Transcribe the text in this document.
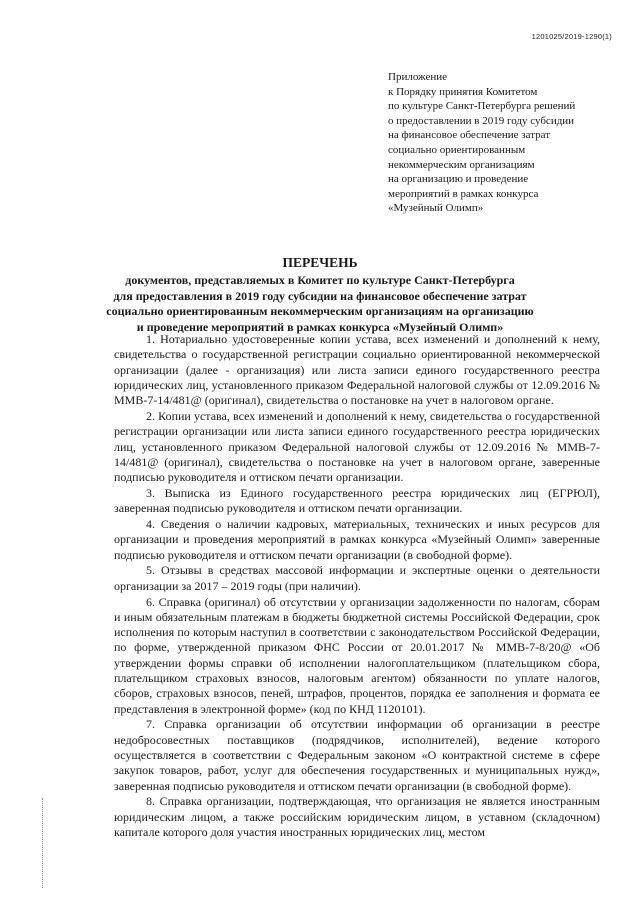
1201025/2019-1290(1)
Приложение
к Порядку принятия Комитетом
по культуре Санкт-Петербурга решений
о предоставлении в 2019 году субсидии
на финансовое обеспечение затрат
социально ориентированным
некоммерческим организациям
на организацию и проведение
мероприятий в рамках конкурса
«Музейный Олимп»
ПЕРЕЧЕНЬ
документов, представляемых в Комитет по культуре Санкт-Петербурга
для предоставления в 2019 году субсидии на финансовое обеспечение затрат
социально ориентированным некоммерческим организациям на организацию
и проведение мероприятий в рамках конкурса «Музейный Олимп»

1. Нотариально удостоверенные копии устава, всех изменений и дополнений к нему, свидетельства о государственной регистрации социально ориентированной некоммерческой организации (далее - организация) или листа записи единого государственного реестра юридических лиц, установленного приказом Федеральной налоговой службы от 12.09.2016 № ММВ-7-14/481@ (оригинал), свидетельства о постановке на учет в налоговом органе.

2. Копии устава, всех изменений и дополнений к нему, свидетельства о государственной регистрации организации или листа записи единого государственного реестра юридических лиц, установленного приказом Федеральной налоговой службы от 12.09.2016 № ММВ-7-14/481@ (оригинал), свидетельства о постановке на учет в налоговом органе, заверенные подписью руководителя и оттиском печати организации.

3. Выписка из Единого государственного реестра юридических лиц (ЕГРЮЛ), заверенная подписью руководителя и оттиском печати организации.

4. Сведения о наличии кадровых, материальных, технических и иных ресурсов для организации и проведения мероприятий в рамках конкурса «Музейный Олимп» заверенные подписью руководителя и оттиском печати организации (в свободной форме).

5. Отзывы в средствах массовой информации и экспертные оценки о деятельности организации за 2017 – 2019 годы (при наличии).

6. Справка (оригинал) об отсутствии у организации задолженности по налогам, сборам и иным обязательным платежам в бюджеты бюджетной системы Российской Федерации, срок исполнения по которым наступил в соответствии с законодательством Российской Федерации, по форме, утвержденной приказом ФНС России от 20.01.2017 № ММВ-7-8/20@ «Об утверждении формы справки об исполнении налогоплательщиком (плательщиком сбора, плательщиком страховых взносов, налоговым агентом) обязанности по уплате налогов, сборов, страховых взносов, пеней, штрафов, процентов, порядка ее заполнения и формата ее представления в электронной форме» (код по КНД 1120101).

7. Справка организации об отсутствии информации об организации в реестре недобросовестных поставщиков (подрядчиков, исполнителей), ведение которого осуществляется в соответствии с Федеральным законом «О контрактной системе в сфере закупок товаров, работ, услуг для обеспечения государственных и муниципальных нужд», заверенная подписью руководителя и оттиском печати организации (в свободной форме).

8. Справка организации, подтверждающая, что организация не является иностранным юридическим лицом, а также российским юридическим лицом, в уставном (складочном) капитале которого доля участия иностранных юридических лиц, местом
